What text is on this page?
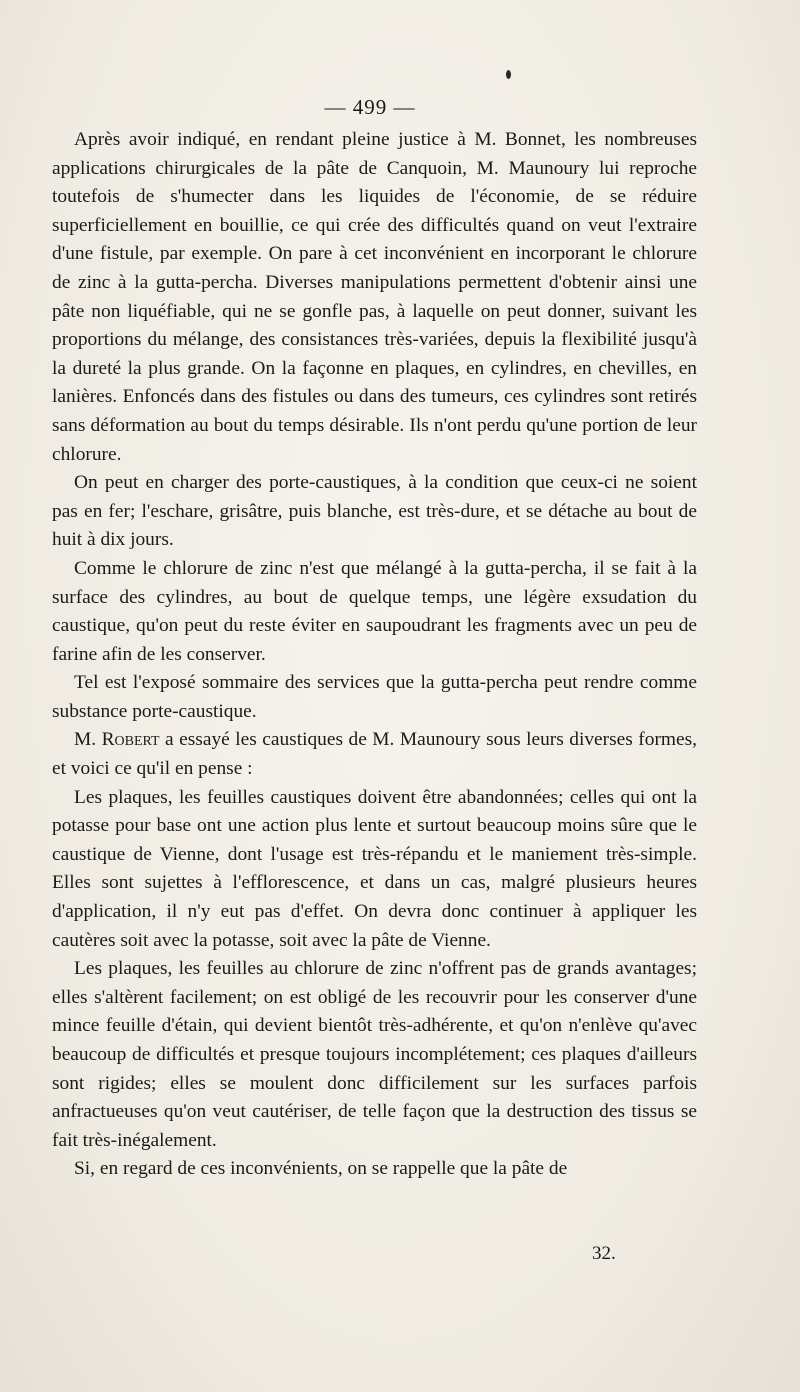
— 499 —

Après avoir indiqué, en rendant pleine justice à M. Bonnet, les nombreuses applications chirurgicales de la pâte de Canquoin, M. Maunoury lui reproche toutefois de s'humecter dans les liquides de l'économie, de se réduire superficiellement en bouillie, ce qui crée des difficultés quand on veut l'extraire d'une fistule, par exemple. On pare à cet inconvénient en incorporant le chlorure de zinc à la gutta-percha. Diverses manipulations permettent d'obtenir ainsi une pâte non liquéfiable, qui ne se gonfle pas, à laquelle on peut donner, suivant les proportions du mélange, des consistances très-variées, depuis la flexibilité jusqu'à la dureté la plus grande. On la façonne en plaques, en cylindres, en chevilles, en lanières. Enfoncés dans des fistules ou dans des tumeurs, ces cylindres sont retirés sans déformation au bout du temps désirable. Ils n'ont perdu qu'une portion de leur chlorure.

On peut en charger des porte-caustiques, à la condition que ceux-ci ne soient pas en fer; l'eschare, grisâtre, puis blanche, est très-dure, et se détache au bout de huit à dix jours.

Comme le chlorure de zinc n'est que mélangé à la gutta-percha, il se fait à la surface des cylindres, au bout de quelque temps, une légère exsudation du caustique, qu'on peut du reste éviter en saupoudrant les fragments avec un peu de farine afin de les conserver.

Tel est l'exposé sommaire des services que la gutta-percha peut rendre comme substance porte-caustique.

M. Robert a essayé les caustiques de M. Maunoury sous leurs diverses formes, et voici ce qu'il en pense :

Les plaques, les feuilles caustiques doivent être abandonnées; celles qui ont la potasse pour base ont une action plus lente et surtout beaucoup moins sûre que le caustique de Vienne, dont l'usage est très-répandu et le maniement très-simple. Elles sont sujettes à l'efflorescence, et dans un cas, malgré plusieurs heures d'application, il n'y eut pas d'effet. On devra donc continuer à appliquer les cautères soit avec la potasse, soit avec la pâte de Vienne.

Les plaques, les feuilles au chlorure de zinc n'offrent pas de grands avantages; elles s'altèrent facilement; on est obligé de les recouvrir pour les conserver d'une mince feuille d'étain, qui devient bientôt très-adhérente, et qu'on n'enlève qu'avec beaucoup de difficultés et presque toujours incomplétement; ces plaques d'ailleurs sont rigides; elles se moulent donc difficilement sur les surfaces parfois anfractueuses qu'on veut cautériser, de telle façon que la destruction des tissus se fait très-inégalement.

Si, en regard de ces inconvénients, on se rappelle que la pâte de

32.
